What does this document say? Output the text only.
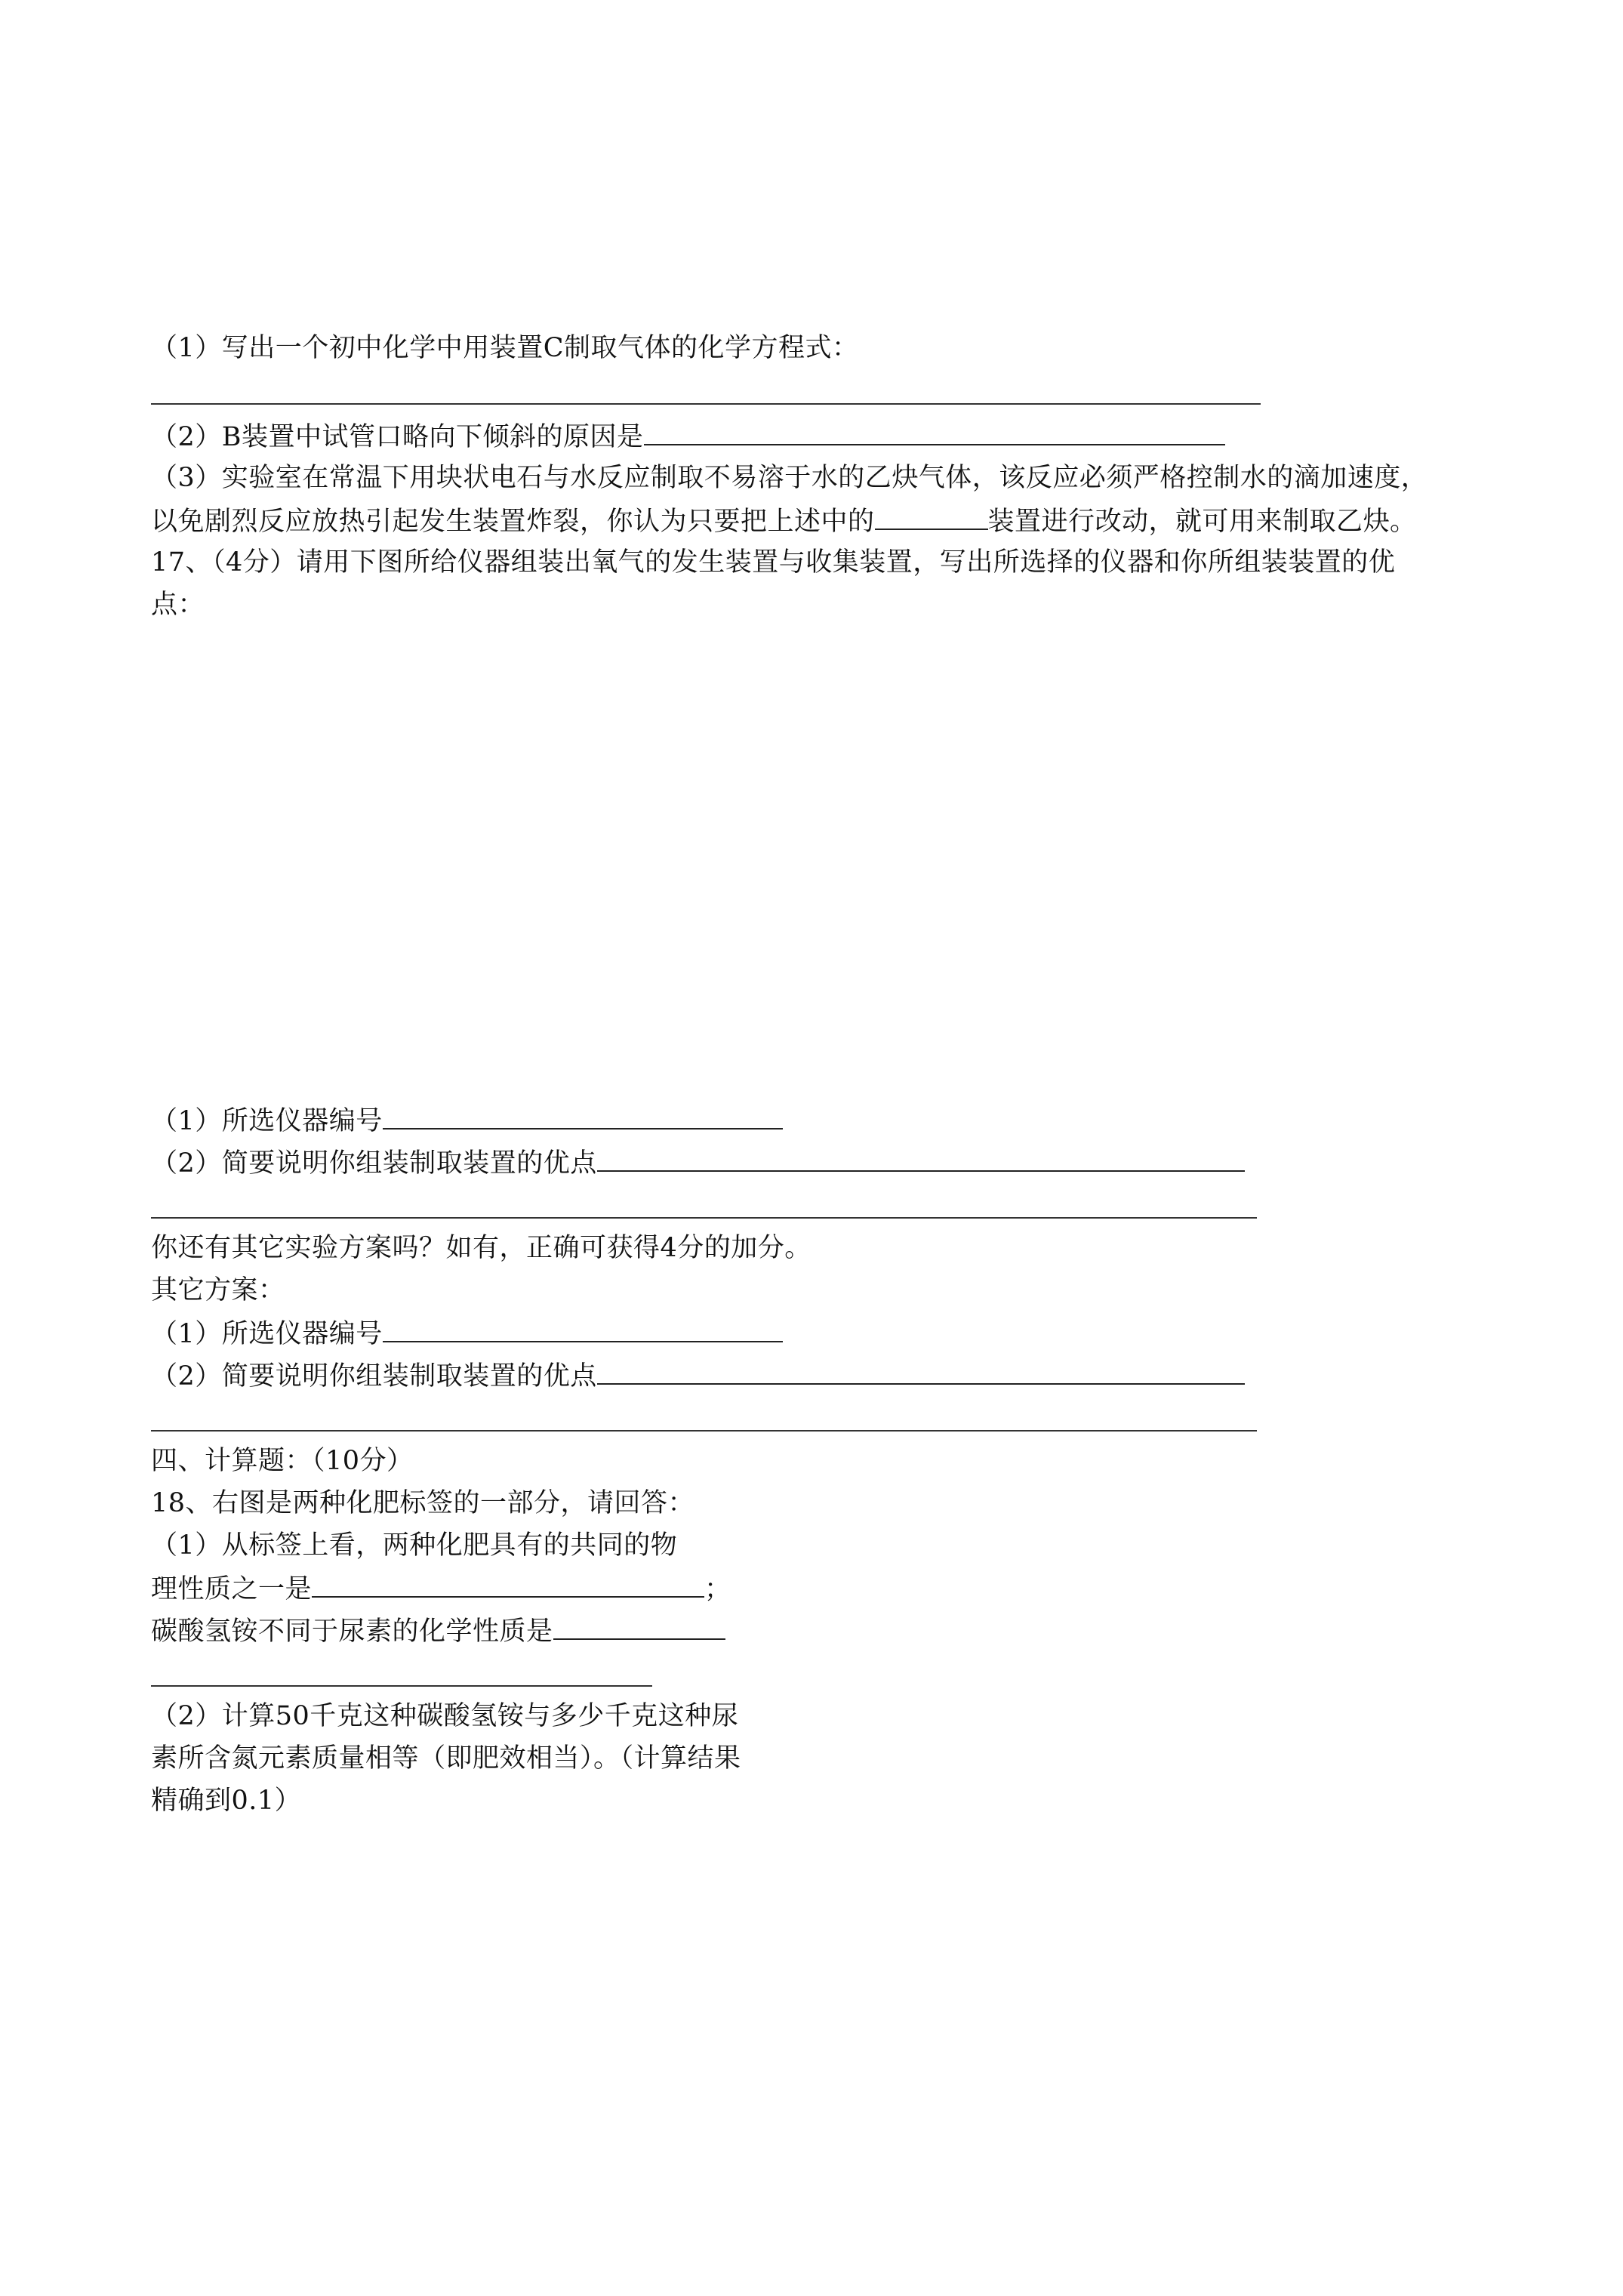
（1）写出一个初中化学中用装置C制取气体的化学方程式：
（2）B装置中试管口略向下倾斜的原因是
（3）实验室在常温下用块状电石与水反应制取不易溶于水的乙炔气体，该反应必须严格控制水的滴加速度，
以免剧烈反应放热引起发生装置炸裂，你认为只要把上述中的	装置进行改动，就可用来制取乙炔。
17、（4分）请用下图所给仪器组装出氧气的发生装置与收集装置，写出所选择的仪器和你所组装装置的优
点：
（1）所选仪器编号
（2）简要说明你组装制取装置的优点
你还有其它实验方案吗？如有，正确可获得4分的加分。
其它方案：
（1）所选仪器编号
（2）简要说明你组装制取装置的优点
四、计算题：（10分）
18、右图是两种化肥标签的一部分，请回答：
（1）从标签上看，两种化肥具有的共同的物
理性质之一是	；
碳酸氢铵不同于尿素的化学性质是
（2）计算50千克这种碳酸氢铵与多少千克这种尿
素所含氮元素质量相等（即肥效相当）。（计算结果
精确到0.1）
